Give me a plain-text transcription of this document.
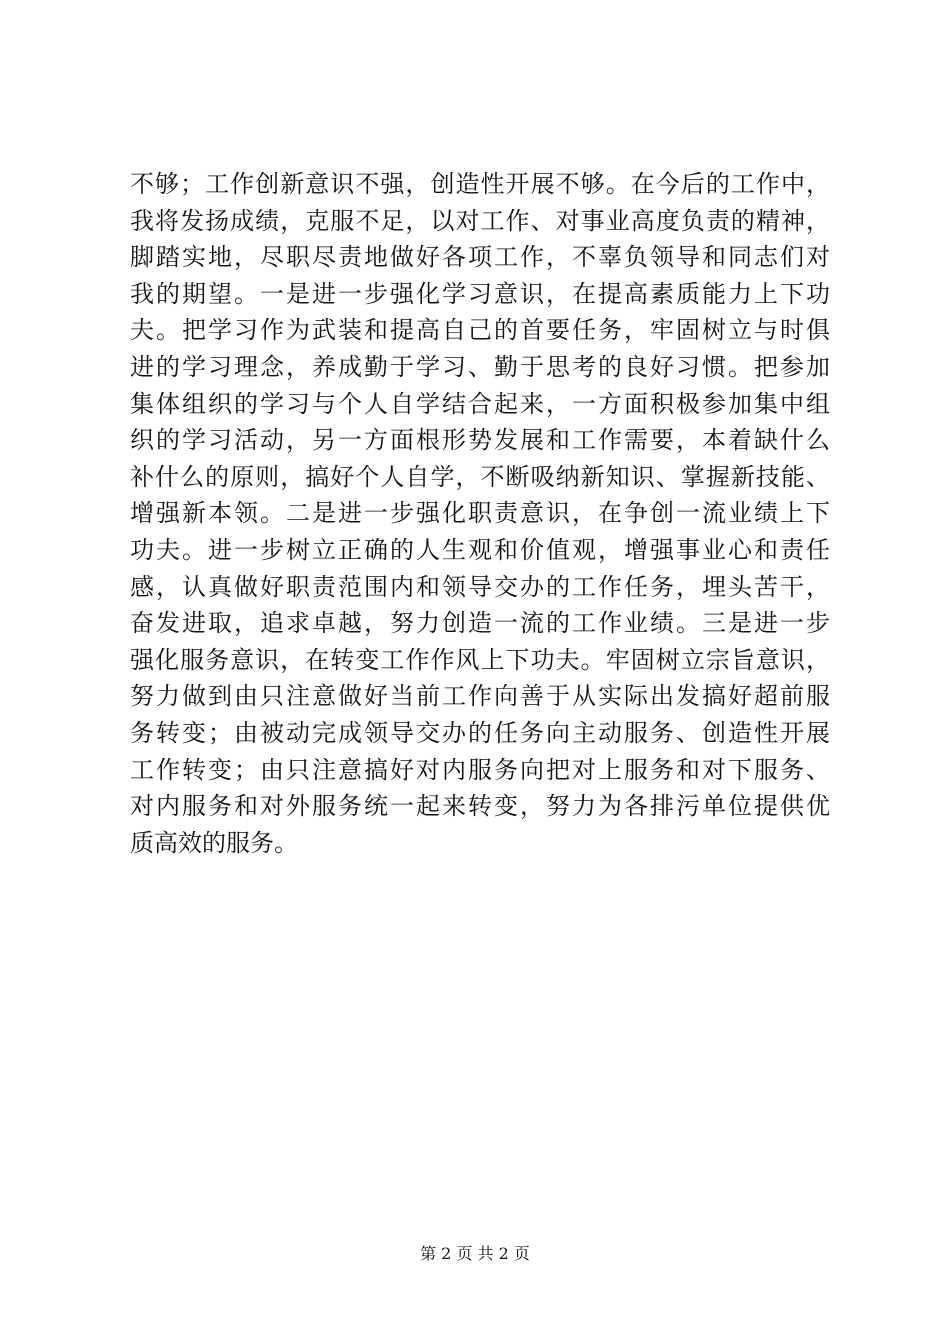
不够；工作创新意识不强，创造性开展不够。在今后的工作中，
我将发扬成绩，克服不足，以对工作、对事业高度负责的精神，
脚踏实地，尽职尽责地做好各项工作，不辜负领导和同志们对
我的期望。一是进一步强化学习意识，在提高素质能力上下功
夫。把学习作为武装和提高自己的首要任务，牢固树立与时俱
进的学习理念，养成勤于学习、勤于思考的良好习惯。把参加
集体组织的学习与个人自学结合起来，一方面积极参加集中组
织的学习活动，另一方面根形势发展和工作需要，本着缺什么
补什么的原则，搞好个人自学，不断吸纳新知识、掌握新技能、
增强新本领。二是进一步强化职责意识，在争创一流业绩上下
功夫。进一步树立正确的人生观和价值观，增强事业心和责任
感，认真做好职责范围内和领导交办的工作任务，埋头苦干，
奋发进取，追求卓越，努力创造一流的工作业绩。三是进一步
强化服务意识，在转变工作作风上下功夫。牢固树立宗旨意识，
努力做到由只注意做好当前工作向善于从实际出发搞好超前服
务转变；由被动完成领导交办的任务向主动服务、创造性开展
工作转变；由只注意搞好对内服务向把对上服务和对下服务、
对内服务和对外服务统一起来转变，努力为各排污单位提供优
质高效的服务。
第 2 页 共 2 页
